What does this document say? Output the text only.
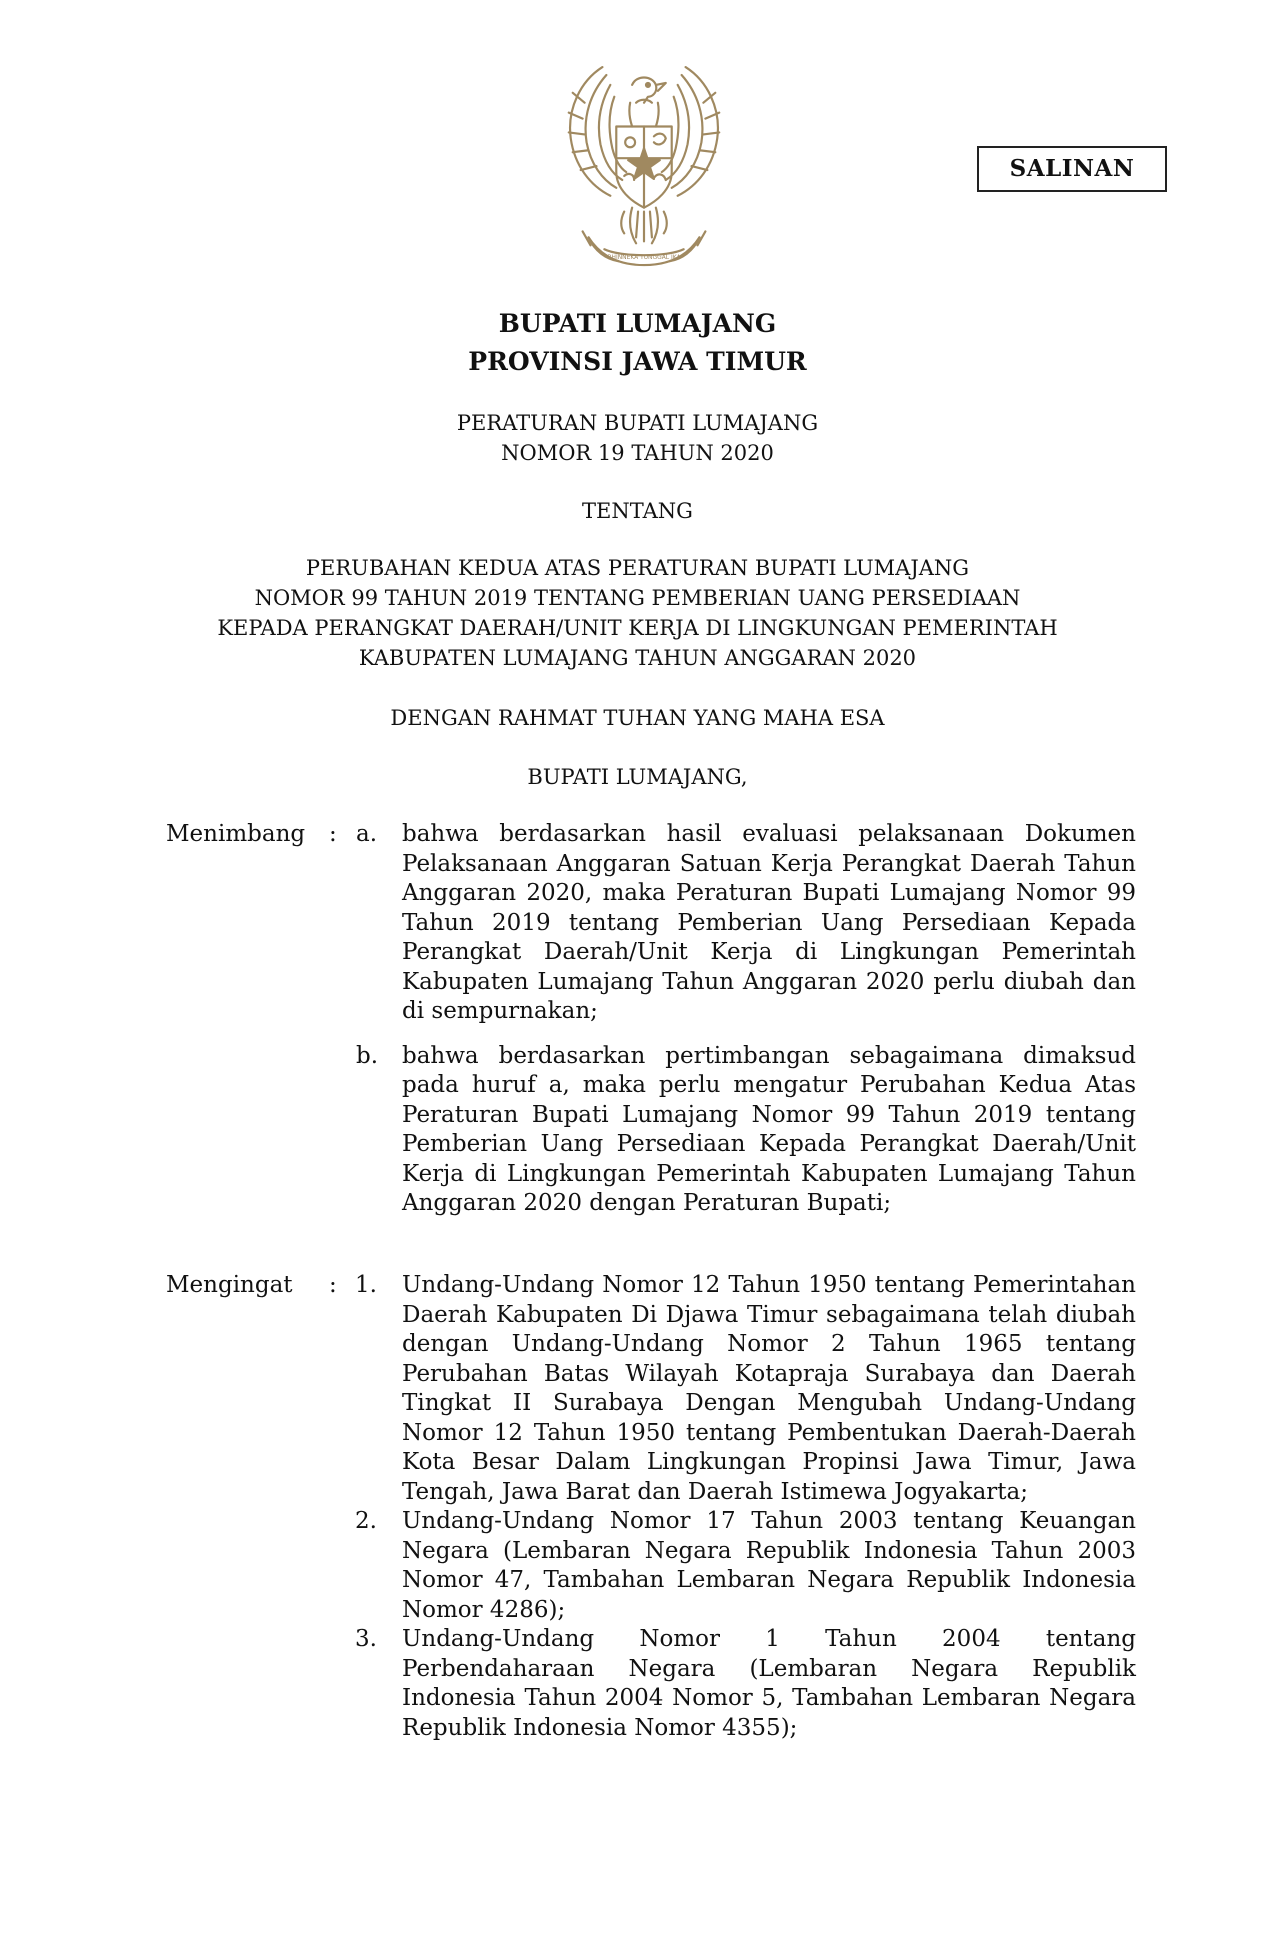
BHINNEKA TUNGGAL IKA
SALINAN
BUPATI LUMAJANG
PROVINSI JAWA TIMUR
PERATURAN BUPATI LUMAJANG
NOMOR 19 TAHUN 2020
TENTANG
PERUBAHAN KEDUA ATAS PERATURAN BUPATI LUMAJANG
NOMOR 99 TAHUN 2019 TENTANG PEMBERIAN UANG PERSEDIAAN
KEPADA PERANGKAT DAERAH/UNIT KERJA DI LINGKUNGAN PEMERINTAH
KABUPATEN LUMAJANG TAHUN ANGGARAN 2020
DENGAN RAHMAT TUHAN YANG MAHA ESA
BUPATI LUMAJANG,
Menimbang : a. bahwa berdasarkan hasil evaluasi pelaksanaan Dokumen Pelaksanaan Anggaran Satuan Kerja Perangkat Daerah Tahun Anggaran 2020, maka Peraturan Bupati Lumajang Nomor 99 Tahun 2019 tentang Pemberian Uang Persediaan Kepada Perangkat Daerah/Unit Kerja di Lingkungan Pemerintah Kabupaten Lumajang Tahun Anggaran 2020 perlu diubah dan di sempurnakan;
b. bahwa berdasarkan pertimbangan sebagaimana dimaksud pada huruf a, maka perlu mengatur Perubahan Kedua Atas Peraturan Bupati Lumajang Nomor 99 Tahun 2019 tentang Pemberian Uang Persediaan Kepada Perangkat Daerah/Unit Kerja di Lingkungan Pemerintah Kabupaten Lumajang Tahun Anggaran 2020 dengan Peraturan Bupati;
Mengingat : 1. Undang-Undang Nomor 12 Tahun 1950 tentang Pemerintahan Daerah Kabupaten Di Djawa Timur sebagaimana telah diubah dengan Undang-Undang Nomor 2 Tahun 1965 tentang Perubahan Batas Wilayah Kotapraja Surabaya dan Daerah Tingkat II Surabaya Dengan Mengubah Undang-Undang Nomor 12 Tahun 1950 tentang Pembentukan Daerah-Daerah Kota Besar Dalam Lingkungan Propinsi Jawa Timur, Jawa Tengah, Jawa Barat dan Daerah Istimewa Jogyakarta;
2. Undang-Undang Nomor 17 Tahun 2003 tentang Keuangan Negara (Lembaran Negara Republik Indonesia Tahun 2003 Nomor 47, Tambahan Lembaran Negara Republik Indonesia Nomor 4286);
3. Undang-Undang Nomor 1 Tahun 2004 tentang Perbendaharaan Negara (Lembaran Negara Republik Indonesia Tahun 2004 Nomor 5, Tambahan Lembaran Negara Republik Indonesia Nomor 4355);
